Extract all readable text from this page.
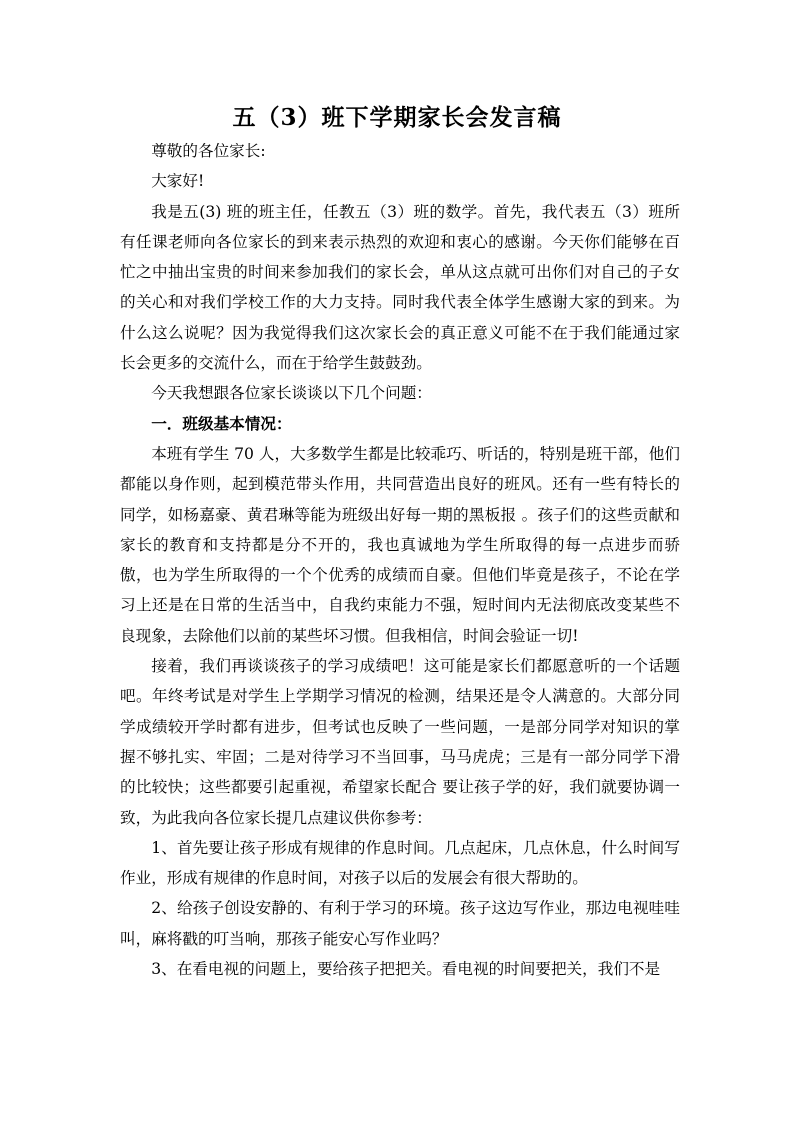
五（3）班下学期家长会发言稿

尊敬的各位家长:

大家好!

我是五(3) 班的班主任，任教五（3）班的数学。首先，我代表五（3）班所有任课老师向各位家长的到来表示热烈的欢迎和衷心的感谢。今天你们能够在百忙之中抽出宝贵的时间来参加我们的家长会，单从这点就可出你们对自己的子女的关心和对我们学校工作的大力支持。同时我代表全体学生感谢大家的到来。为什么这么说呢？因为我觉得我们这次家长会的真正意义可能不在于我们能通过家长会更多的交流什么，而在于给学生鼓鼓劲。

今天我想跟各位家长谈谈以下几个问题：

一．班级基本情况：

本班有学生 70 人，大多数学生都是比较乖巧、听话的，特别是班干部，他们都能以身作则，起到模范带头作用，共同营造出良好的班风。还有一些有特长的同学，如杨嘉豪、黄君琳等能为班级出好每一期的黑板报 。孩子们的这些贡献和家长的教育和支持都是分不开的，我也真诚地为学生所取得的每一点进步而骄傲，也为学生所取得的一个个优秀的成绩而自豪。但他们毕竟是孩子，不论在学习上还是在日常的生活当中，自我约束能力不强，短时间内无法彻底改变某些不良现象，去除他们以前的某些坏习惯。但我相信，时间会验证一切!

接着，我们再谈谈孩子的学习成绩吧！这可能是家长们都愿意听的一个话题吧。年终考试是对学生上学期学习情况的检测，结果还是令人满意的。大部分同学成绩较开学时都有进步，但考试也反映了一些问题，一是部分同学对知识的掌握不够扎实、牢固；二是对待学习不当回事，马马虎虎；三是有一部分同学下滑的比较快；这些都要引起重视，希望家长配合 要让孩子学的好，我们就要协调一致，为此我向各位家长提几点建议供你参考：

1、首先要让孩子形成有规律的作息时间。几点起床，几点休息，什么时间写作业，形成有规律的作息时间，对孩子以后的发展会有很大帮助的。

2、给孩子创设安静的、有利于学习的环境。孩子这边写作业，那边电视哇哇叫，麻将戳的叮当响，那孩子能安心写作业吗？

3、在看电视的问题上，要给孩子把把关。看电视的时间要把关，我们不是
